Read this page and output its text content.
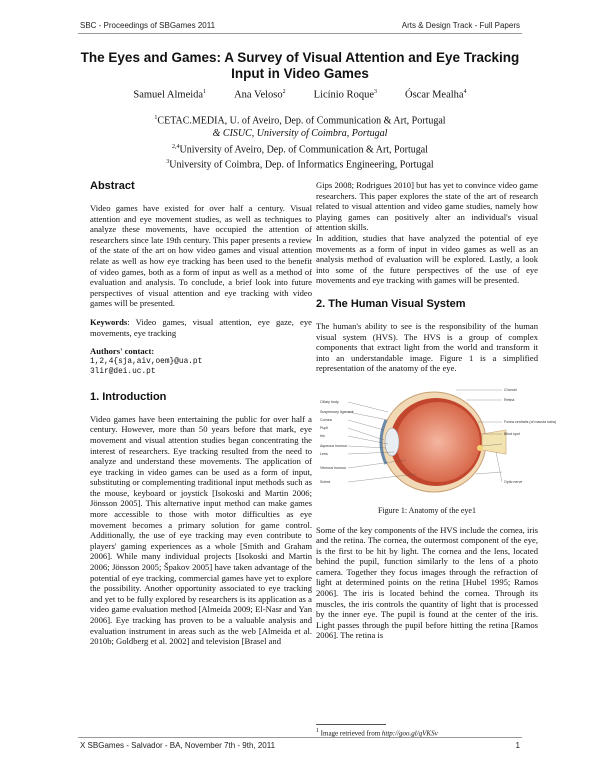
SBC - Proceedings of SBGames 2011	Arts & Design Track - Full Papers
The Eyes and Games: A Survey of Visual Attention and Eye Tracking Input in Video Games
Samuel Almeida$^1$	Ana Veloso$^2$	Licínio Roque$^3$	Óscar Mealha$^4$
$^1$CETAC.MEDIA, U. of Aveiro, Dep. of Communication & Art, Portugal
& CISUC, University of Coimbra, Portugal
$^{2,4}$University of Aveiro, Dep. of Communication & Art, Portugal
$^3$University of Coimbra, Dep. of Informatics Engineering, Portugal
Abstract

Video games have existed for over half a century. Visual attention and eye movement studies, as well as techniques to analyze these movements, have occupied the attention of researchers since late 19th century. This paper presents a review of the state of the art on how video games and visual attention relate as well as how eye tracking has been used to the benefit of video games, both as a form of input as well as a method of evaluation and analysis. To conclude, a brief look into future perspectives of visual attention and eye tracking with video games will be presented.

Keywords: Video games, visual attention, eye gaze, eye movements, eye tracking

Authors' contact:

1,2,4{sja,aiv,oem}@ua.pt

3lir@dei.uc.pt

1. Introduction

Video games have been entertaining the public for over half a century. However, more than 50 years before that mark, eye movement and visual attention studies began concentrating the interest of researchers. Eye tracking resulted from the need to analyze and understand these movements. The application of eye tracking in video games can be used as a form of input, substituting or complementing traditional input methods such as the mouse, keyboard or joystick [Isokoski and Martin 2006; Jönsson 2005]. This alternative input method can make games more accessible to those with motor difficulties as eye movement becomes a primary solution for game control. Additionally, the use of eye tracking may even contribute to players' gaming experiences as a whole [Smith and Graham 2006]. While many individual projects [Isokoski and Martin 2006; Jönsson 2005; Špakov 2005] have taken advantage of the potential of eye tracking, commercial games have yet to explore the possibility. Another opportunity associated to eye tracking and yet to be fully explored by researchers is its application as a video game evaluation method [Almeida 2009; El-Nasr and Yan 2006]. Eye tracking has proven to be a valuable analysis and evaluation instrument in areas such as the web [Almeida et al. 2010b; Goldberg et al. 2002] and television [Brasel and

Gips 2008; Rodrigues 2010] but has yet to convince video game researchers. This paper explores the state of the art of research related to visual attention and video game studies, namely how playing games can positively alter an individual's visual attention skills.

In addition, studies that have analyzed the potential of eye movements as a form of input in video games as well as an analysis method of evaluation will be explored. Lastly, a look into some of the future perspectives of the use of eye movements and eye tracking with games will be presented.

2. The Human Visual System

The human's ability to see is the responsibility of the human visual system (HVS). The HVS is a group of complex components that extract light from the world and transform it into an understandable image. Figure 1 is a simplified representation of the anatomy of the eye.

Ciliary body
Suspensory ligament
Cornea
Pupil
Iris
Aqueous humour
Lens
Vitreous humour
Sclera
Choroid
Retina
Fovea centralis (of macula lutea)
Blind spot
Optic nerve
Figure 1: Anatomy of the eye1

Some of the key components of the HVS include the cornea, iris and the retina. The cornea, the outermost component of the eye, is the first to be hit by light. The cornea and the lens, located behind the pupil, function similarly to the lens of a photo camera. Together they focus images through the refraction of light at determined points on the retina [Hubel 1995; Ramos 2006]. The iris is located behind the cornea. Through its muscles, the iris controls the quantity of light that is processed by the inner eye. The pupil is found at the center of the iris. Light passes through the pupil before hitting the retina [Ramos 2006]. The retina is

$^1$ Image retrieved from http://goo.gl/qVKSv
X SBGames - Salvador - BA, November 7th - 9th, 2011	1
